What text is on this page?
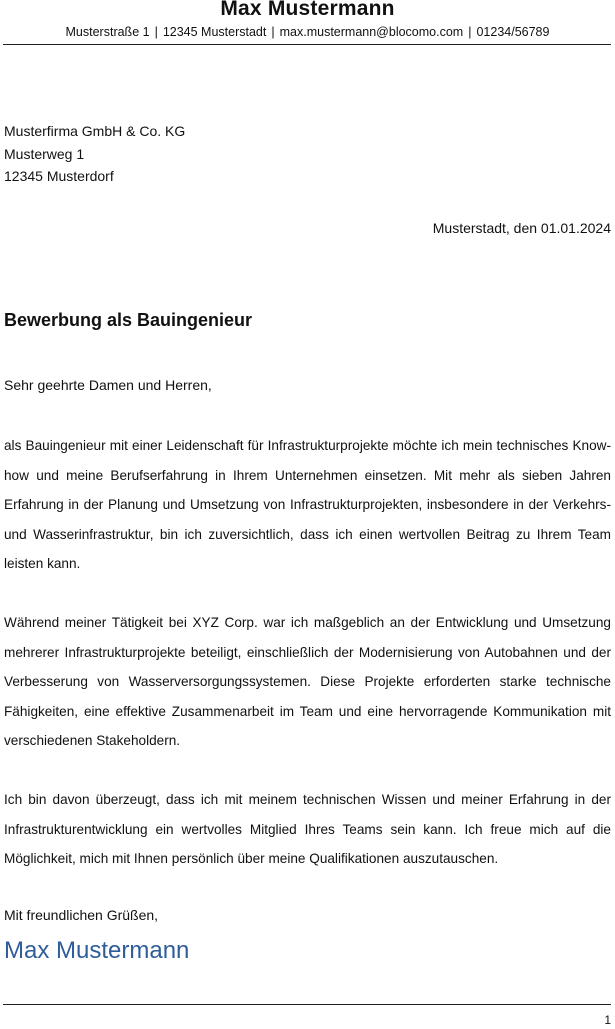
Max Mustermann
Musterstraße 1 | 12345 Musterstadt | max.mustermann@blocomo.com | 01234/56789
Musterfirma GmbH & Co. KG
Musterweg 1
12345 Musterdorf
Musterstadt, den 01.01.2024
Bewerbung als Bauingenieur
Sehr geehrte Damen und Herren,

als Bauingenieur mit einer Leidenschaft für Infrastrukturprojekte möchte ich mein technisches Know-how und meine Berufserfahrung in Ihrem Unternehmen einsetzen. Mit mehr als sieben Jahren Erfahrung in der Planung und Umsetzung von Infrastrukturprojekten, insbesondere in der Verkehrs- und Wasserinfrastruktur, bin ich zuversichtlich, dass ich einen wertvollen Beitrag zu Ihrem Team leisten kann.

Während meiner Tätigkeit bei XYZ Corp. war ich maßgeblich an der Entwicklung und Umsetzung mehrerer Infrastrukturprojekte beteiligt, einschließlich der Modernisierung von Autobahnen und der Verbesserung von Wasserversorgungssystemen. Diese Projekte erforderten starke technische Fähigkeiten, eine effektive Zusammenarbeit im Team und eine hervorragende Kommunikation mit verschiedenen Stakeholdern.

Ich bin davon überzeugt, dass ich mit meinem technischen Wissen und meiner Erfahrung in der Infrastrukturentwicklung ein wertvolles Mitglied Ihres Teams sein kann. Ich freue mich auf die Möglichkeit, mich mit Ihnen persönlich über meine Qualifikationen auszutauschen.

Mit freundlichen Grüßen,
Max Mustermann
1
